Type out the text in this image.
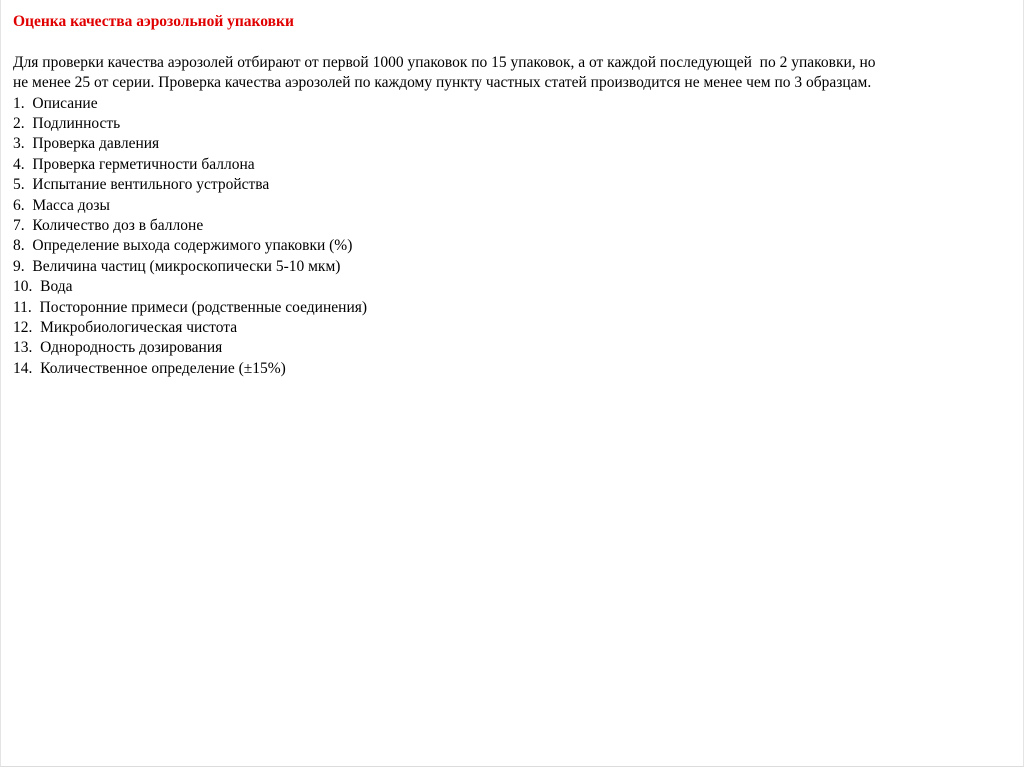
Оценка качества аэрозольной упаковки

Для проверки качества аэрозолей отбирают от первой 1000 упаковок по 15 упаковок, а от каждой последующей  по 2 упаковки, но не менее 25 от серии. Проверка качества аэрозолей по каждому пункту частных статей производится не менее чем по 3 образцам.

1.  Описание
2.  Подлинность
3.  Проверка давления
4.  Проверка герметичности баллона
5.  Испытание вентильного устройства
6.  Масса дозы
7.  Количество доз в баллоне
8.  Определение выхода содержимого упаковки (%)
9.  Величина частиц (микроскопически 5-10 мкм)
10.  Вода
11.  Посторонние примеси (родственные соединения)
12.  Микробиологическая чистота
13.  Однородность дозирования
14.  Количественное определение (±15%)
